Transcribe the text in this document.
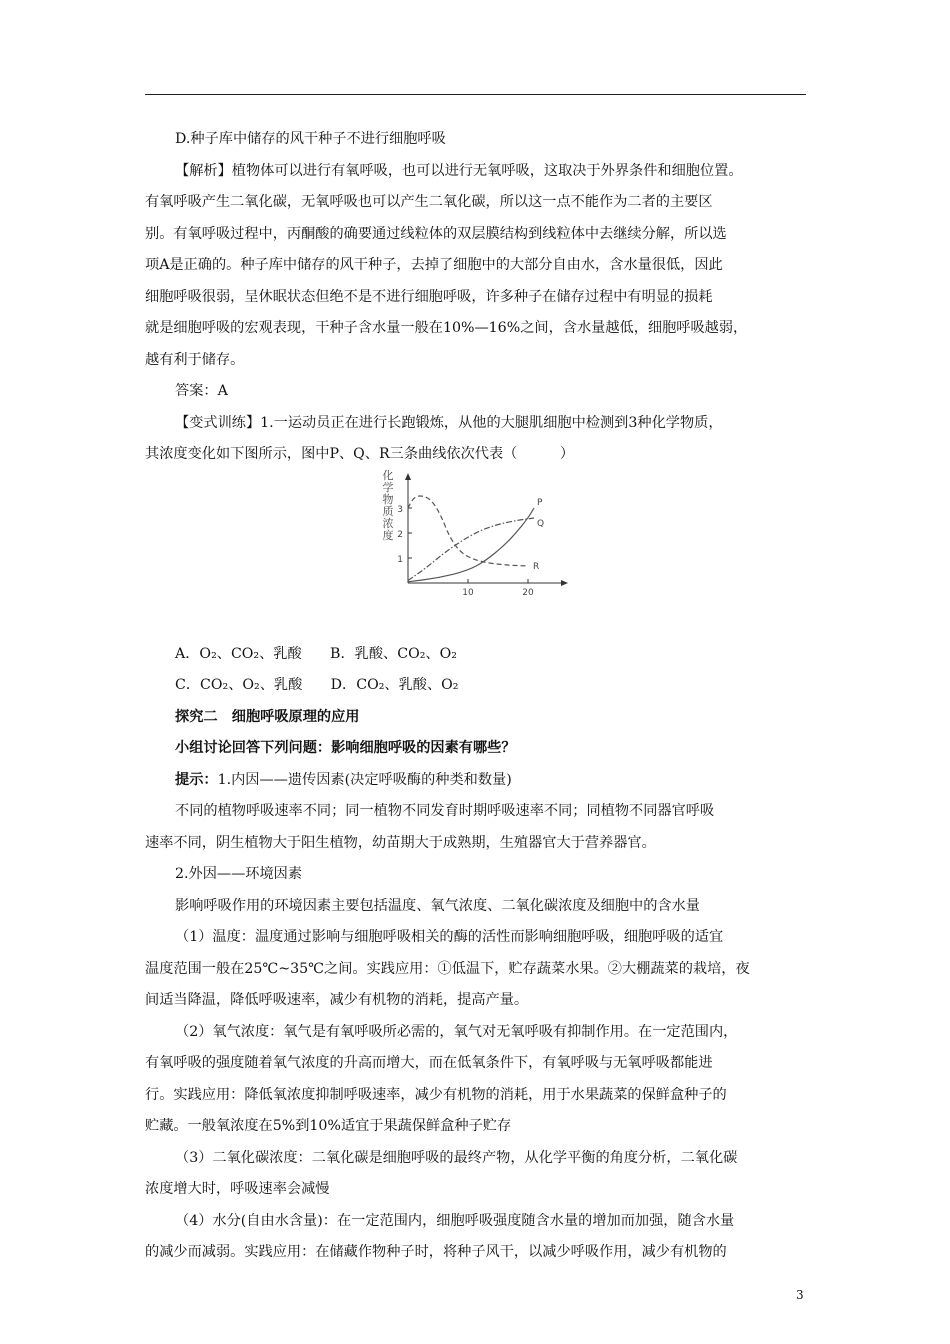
D.种子库中储存的风干种子不进行细胞呼吸
【解析】植物体可以进行有氧呼吸，也可以进行无氧呼吸，这取决于外界条件和细胞位置。
有氧呼吸产生二氧化碳，无氧呼吸也可以产生二氧化碳，所以这一点不能作为二者的主要区
别。有氧呼吸过程中，丙酮酸的确要通过线粒体的双层膜结构到线粒体中去继续分解，所以选
项A是正确的。种子库中储存的风干种子，去掉了细胞中的大部分自由水，含水量很低，因此
细胞呼吸很弱，呈休眠状态但绝不是不进行细胞呼吸，许多种子在储存过程中有明显的损耗
就是细胞呼吸的宏观表现，干种子含水量一般在10%—16%之间，含水量越低，细胞呼吸越弱，
越有利于储存。
答案：A
【变式训练】1.一运动员正在进行长跑锻炼，从他的大腿肌细胞中检测到3种化学物质，
其浓度变化如下图所示，图中P、Q、R三条曲线依次代表（　　　）
化
学
物
质
浓
度
1
2
3
10	20
P
Q
R
A．O₂、CO₂、乳酸　　B．乳酸、CO₂、O₂
C．CO₂、O₂、乳酸　　D．CO₂、乳酸、O₂
探究二　细胞呼吸原理的应用
小组讨论回答下列问题：影响细胞呼吸的因素有哪些？
提示：1.内因——遗传因素(决定呼吸酶的种类和数量)
不同的植物呼吸速率不同；同一植物不同发育时期呼吸速率不同；同植物不同器官呼吸
速率不同，阴生植物大于阳生植物，幼苗期大于成熟期，生殖器官大于营养器官。
2.外因——环境因素
影响呼吸作用的环境因素主要包括温度、氧气浓度、二氧化碳浓度及细胞中的含水量
（1）温度：温度通过影响与细胞呼吸相关的酶的活性而影响细胞呼吸，细胞呼吸的适宜
温度范围一般在25℃~35℃之间。实践应用：①低温下，贮存蔬菜水果。②大棚蔬菜的栽培，夜
间适当降温，降低呼吸速率，减少有机物的消耗，提高产量。
（2）氧气浓度：氧气是有氧呼吸所必需的，氧气对无氧呼吸有抑制作用。在一定范围内，
有氧呼吸的强度随着氧气浓度的升高而增大，而在低氧条件下，有氧呼吸与无氧呼吸都能进
行。实践应用：降低氧浓度抑制呼吸速率，减少有机物的消耗，用于水果蔬菜的保鲜盒种子的
贮藏。一般氧浓度在5%到10%适宜于果蔬保鲜盒种子贮存
（3）二氧化碳浓度：二氧化碳是细胞呼吸的最终产物，从化学平衡的角度分析，二氧化碳
浓度增大时，呼吸速率会减慢
（4）水分(自由水含量)：在一定范围内，细胞呼吸强度随含水量的增加而加强，随含水量
的减少而减弱。实践应用：在储藏作物种子时，将种子风干，以减少呼吸作用，减少有机物的
3
